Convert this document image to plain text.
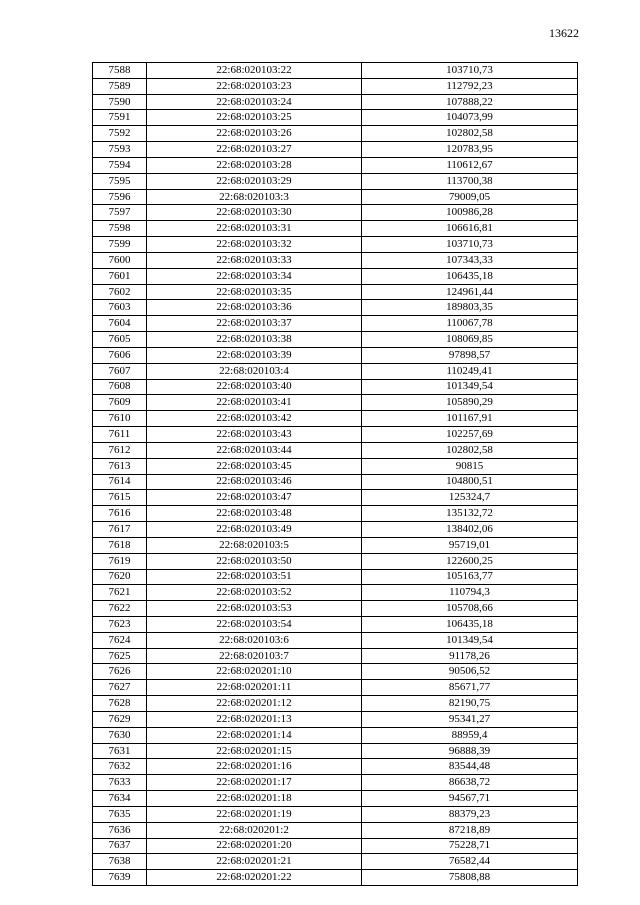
13622
7588	22:68:020103:22	103710,73
7589	22:68:020103:23	112792,23
7590	22:68:020103:24	107888,22
7591	22:68:020103:25	104073,99
7592	22:68:020103:26	102802,58
7593	22:68:020103:27	120783,95
7594	22:68:020103:28	110612,67
7595	22:68:020103:29	113700,38
7596	22:68:020103:3	79009,05
7597	22:68:020103:30	100986,28
7598	22:68:020103:31	106616,81
7599	22:68:020103:32	103710,73
7600	22:68:020103:33	107343,33
7601	22:68:020103:34	106435,18
7602	22:68:020103:35	124961,44
7603	22:68:020103:36	189803,35
7604	22:68:020103:37	110067,78
7605	22:68:020103:38	108069,85
7606	22:68:020103:39	97898,57
7607	22:68:020103:4	110249,41
7608	22:68:020103:40	101349,54
7609	22:68:020103:41	105890,29
7610	22:68:020103:42	101167,91
7611	22:68:020103:43	102257,69
7612	22:68:020103:44	102802,58
7613	22:68:020103:45	90815
7614	22:68:020103:46	104800,51
7615	22:68:020103:47	125324,7
7616	22:68:020103:48	135132,72
7617	22:68:020103:49	138402,06
7618	22:68:020103:5	95719,01
7619	22:68:020103:50	122600,25
7620	22:68:020103:51	105163,77
7621	22:68:020103:52	110794,3
7622	22:68:020103:53	105708,66
7623	22:68:020103:54	106435,18
7624	22:68:020103:6	101349,54
7625	22:68:020103:7	91178,26
7626	22:68:020201:10	90506,52
7627	22:68:020201:11	85671,77
7628	22:68:020201:12	82190,75
7629	22:68:020201:13	95341,27
7630	22:68:020201:14	88959,4
7631	22:68:020201:15	96888,39
7632	22:68:020201:16	83544,48
7633	22:68:020201:17	86638,72
7634	22:68:020201:18	94567,71
7635	22:68:020201:19	88379,23
7636	22:68:020201:2	87218,89
7637	22:68:020201:20	75228,71
7638	22:68:020201:21	76582,44
7639	22:68:020201:22	75808,88
